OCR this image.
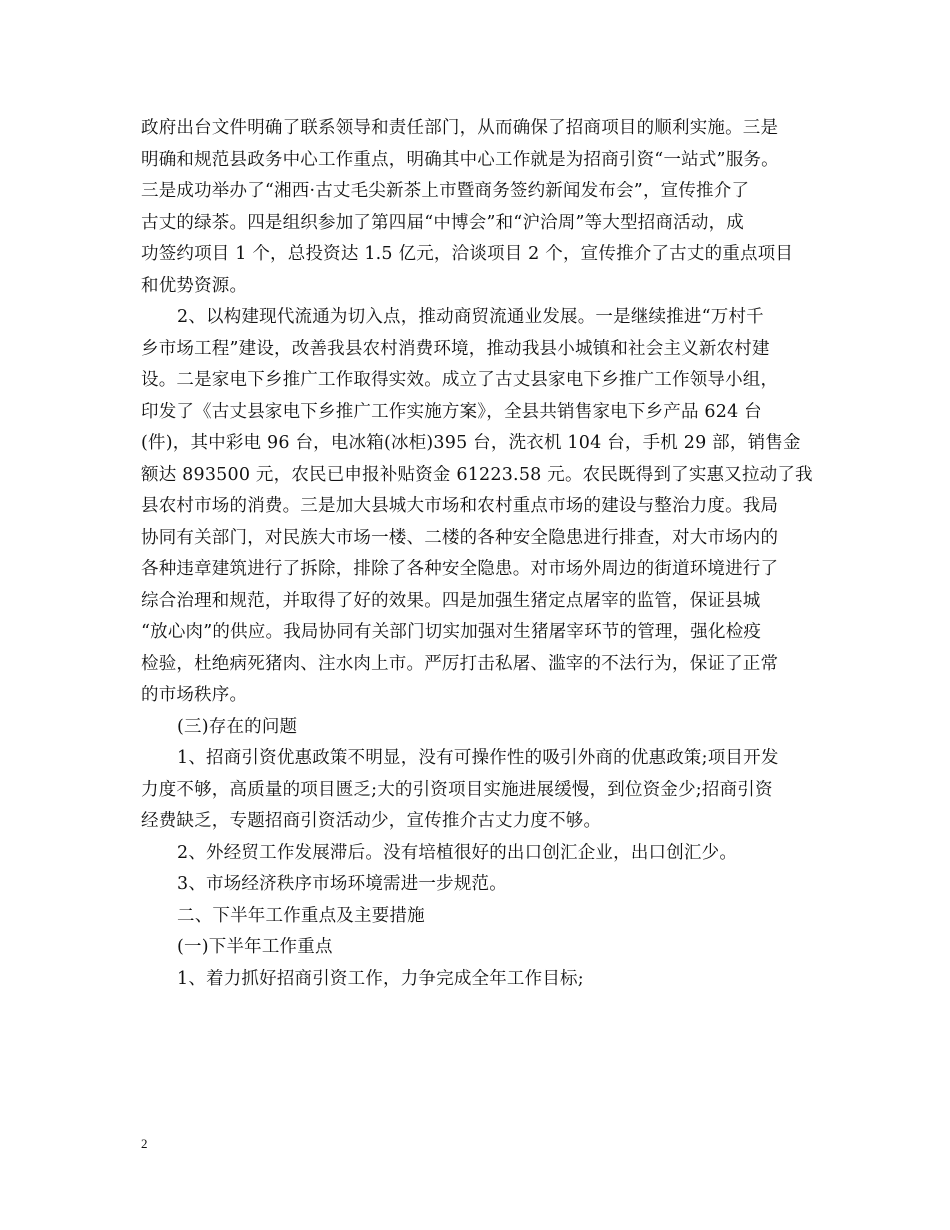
政府出台文件明确了联系领导和责任部门，从而确保了招商项目的顺利实施。三是
明确和规范县政务中心工作重点，明确其中心工作就是为招商引资“一站式”服务。
三是成功举办了“湘西·古丈毛尖新茶上市暨商务签约新闻发布会”，宣传推介了
古丈的绿茶。四是组织参加了第四届“中博会”和“沪洽周”等大型招商活动，成
功签约项目 1 个，总投资达 1.5 亿元，洽谈项目 2 个，宣传推介了古丈的重点项目
和优势资源。
2、以构建现代流通为切入点，推动商贸流通业发展。一是继续推进“万村千
乡市场工程”建设，改善我县农村消费环境，推动我县小城镇和社会主义新农村建
设。二是家电下乡推广工作取得实效。成立了古丈县家电下乡推广工作领导小组，
印发了《古丈县家电下乡推广工作实施方案》，全县共销售家电下乡产品 624 台
(件)，其中彩电 96 台，电冰箱(冰柜)395 台，洗衣机 104 台，手机 29 部，销售金
额达 893500 元，农民已申报补贴资金 61223.58 元。农民既得到了实惠又拉动了我
县农村市场的消费。三是加大县城大市场和农村重点市场的建设与整治力度。我局
协同有关部门，对民族大市场一楼、二楼的各种安全隐患进行排查，对大市场内的
各种违章建筑进行了拆除，排除了各种安全隐患。对市场外周边的街道环境进行了
综合治理和规范，并取得了好的效果。四是加强生猪定点屠宰的监管，保证县城
“放心肉”的供应。我局协同有关部门切实加强对生猪屠宰环节的管理，强化检疫
检验，杜绝病死猪肉、注水肉上市。严厉打击私屠、滥宰的不法行为，保证了正常
的市场秩序。
(三)存在的问题
1、招商引资优惠政策不明显，没有可操作性的吸引外商的优惠政策;项目开发
力度不够，高质量的项目匮乏;大的引资项目实施进展缓慢，到位资金少;招商引资
经费缺乏，专题招商引资活动少，宣传推介古丈力度不够。
2、外经贸工作发展滞后。没有培植很好的出口创汇企业，出口创汇少。
3、市场经济秩序市场环境需进一步规范。
二、下半年工作重点及主要措施
(一)下半年工作重点
1、着力抓好招商引资工作，力争完成全年工作目标;
2
